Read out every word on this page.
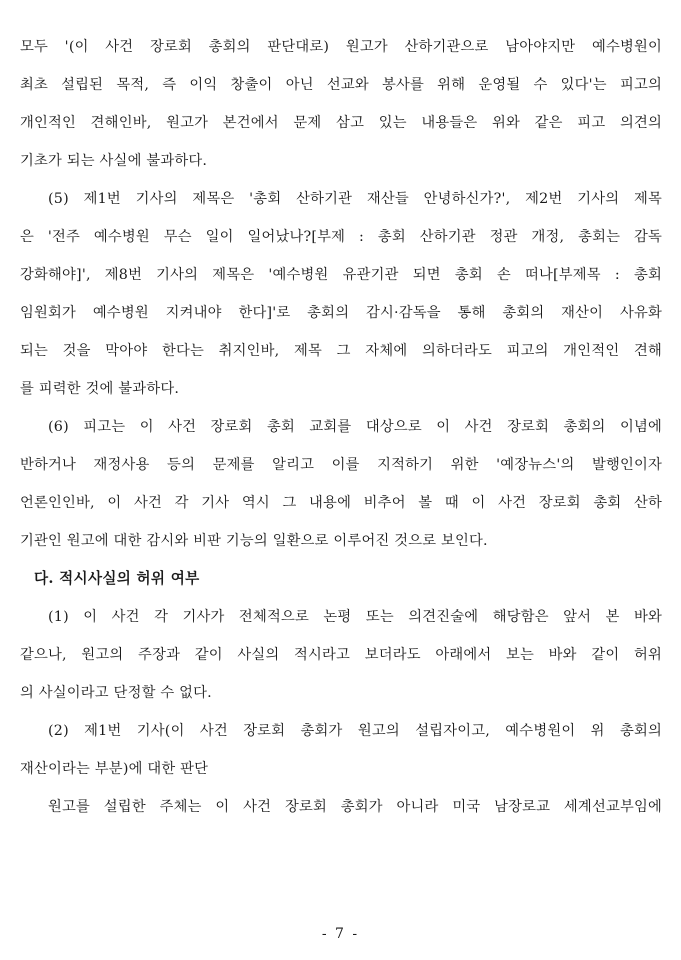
모두 '(이 사건 장로회 총회의 판단대로) 원고가 산하기관으로 남아야지만 예수병원이
최초 설립된 목적, 즉 이익 창출이 아닌 선교와 봉사를 위해 운영될 수 있다'는 피고의
개인적인 견해인바, 원고가 본건에서 문제 삼고 있는 내용들은 위와 같은 피고 의견의
기초가 되는 사실에 불과하다.
(5) 제1번 기사의 제목은 '총회 산하기관 재산들 안녕하신가?', 제2번 기사의 제목
은 '전주 예수병원 무슨 일이 일어났나?[부제 : 총회 산하기관 정관 개정, 총회는 감독
강화해야]', 제8번 기사의 제목은 '예수병원 유관기관 되면 총회 손 떠나[부제목 : 총회
임원회가 예수병원 지켜내야 한다]'로 총회의 감시·감독을 통해 총회의 재산이 사유화
되는 것을 막아야 한다는 취지인바, 제목 그 자체에 의하더라도 피고의 개인적인 견해
를 피력한 것에 불과하다.
(6) 피고는 이 사건 장로회 총회 교회를 대상으로 이 사건 장로회 총회의 이념에
반하거나 재정사용 등의 문제를 알리고 이를 지적하기 위한 '예장뉴스'의 발행인이자
언론인인바, 이 사건 각 기사 역시 그 내용에 비추어 볼 때 이 사건 장로회 총회 산하
기관인 원고에 대한 감시와 비판 기능의 일환으로 이루어진 것으로 보인다.
다. 적시사실의 허위 여부
(1) 이 사건 각 기사가 전체적으로 논평 또는 의견진술에 해당함은 앞서 본 바와
같으나, 원고의 주장과 같이 사실의 적시라고 보더라도 아래에서 보는 바와 같이 허위
의 사실이라고 단정할 수 없다.
(2) 제1번 기사(이 사건 장로회 총회가 원고의 설립자이고, 예수병원이 위 총회의
재산이라는 부분)에 대한 판단
원고를 설립한 주체는 이 사건 장로회 총회가 아니라 미국 남장로교 세계선교부임에
- 7 -
